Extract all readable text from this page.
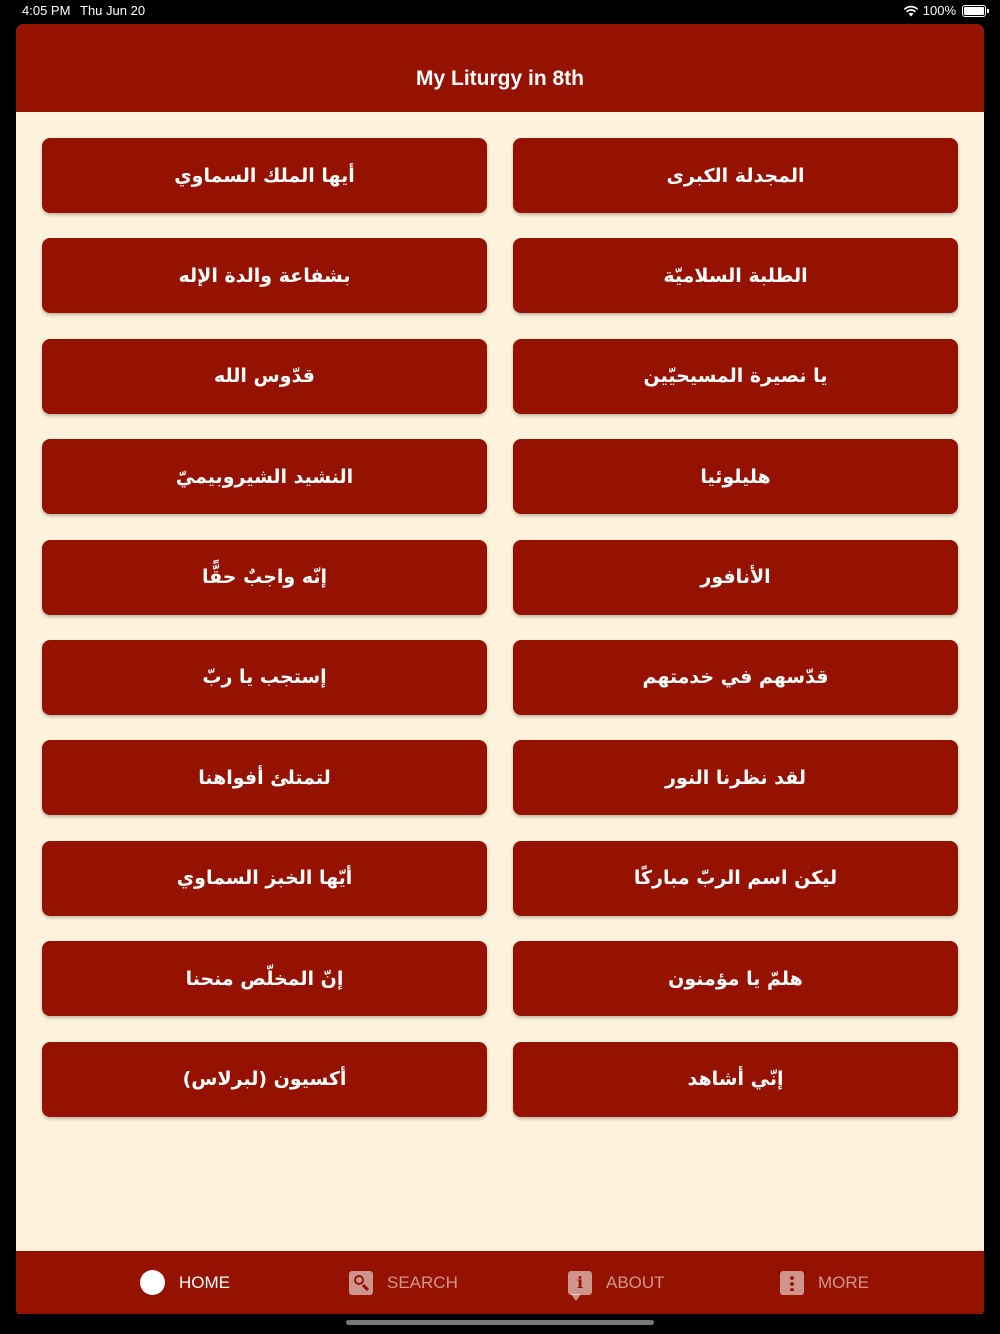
4:05 PM Thu Jun 20	100%
My Liturgy in 8th
أيها الملك السماوي	المجدلة الكبرى
بشفاعة والدة الإله	الطلبة السلاميّة
قدّوس الله	يا نصيرة المسيحيّين
النشيد الشيروبيميّ	هليلوئيا
إنّه واجبٌ حقًّا	الأنافور
إستجب يا ربّ	قدّسهم في خدمتهم
لتمتلئ أفواهنا	لقد نظرنا النور
أيّها الخبز السماوي	ليكن اسم الربّ مباركًا
إنّ المخلّص منحنا	هلمّ يا مؤمنون
أكسيون (لبرلاس)	إنّي أشاهد
HOME	SEARCH	i	ABOUT	MORE
